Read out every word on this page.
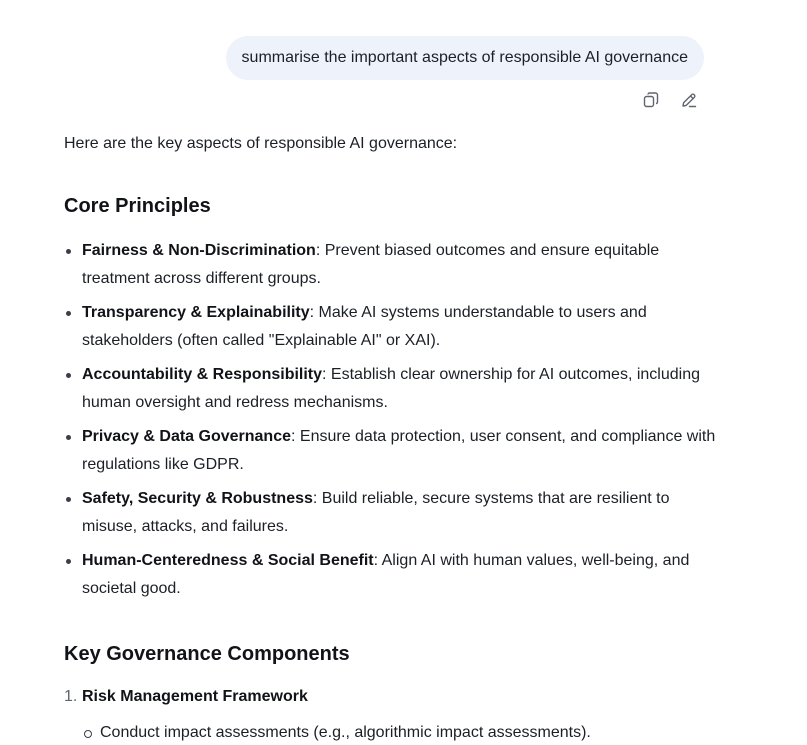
summarise the important aspects of responsible AI governance

Here are the key aspects of responsible AI governance:

Core Principles
Fairness & Non-Discrimination: Prevent biased outcomes and ensure equitable treatment across different groups.
Transparency & Explainability: Make AI systems understandable to users and stakeholders (often called "Explainable AI" or XAI).
Accountability & Responsibility: Establish clear ownership for AI outcomes, including human oversight and redress mechanisms.
Privacy & Data Governance: Ensure data protection, user consent, and compliance with regulations like GDPR.
Safety, Security & Robustness: Build reliable, secure systems that are resilient to misuse, attacks, and failures.
Human-Centeredness & Social Benefit: Align AI with human values, well-being, and societal good.
Key Governance Components
1. Risk Management Framework
Conduct impact assessments (e.g., algorithmic impact assessments).
